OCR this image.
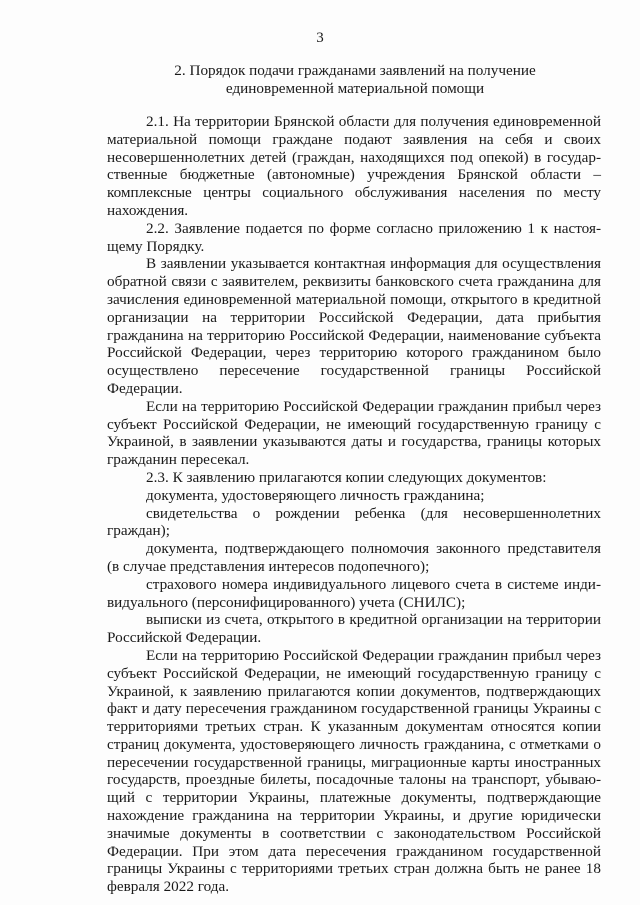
3
2. Порядок подачи гражданами заявлений на получение
единовременной материальной помощи

2.1. На территории Брянской области для получения единовременной материальной помощи граждане подают заявления на себя и своих несовершеннолетних детей (граждан, находящихся под опекой) в государственные бюджетные (автономные) учреждения Брянской области – комплексные центры социального обслуживания населения по месту нахождения.

2.2. Заявление подается по форме согласно приложению 1 к настоящему Порядку.

В заявлении указывается контактная информация для осуществления обратной связи с заявителем, реквизиты банковского счета гражданина для зачисления единовременной материальной помощи, открытого в кредитной организации на территории Российской Федерации, дата прибытия гражданина на территорию Российской Федерации, наименование субъекта Российской Федерации, через территорию которого гражданином было осуществлено пересечение государственной границы Российской Федерации.

Если на территорию Российской Федерации гражданин прибыл через субъект Российской Федерации, не имеющий государственную границу с Украиной, в заявлении указываются даты и государства, границы которых гражданин пересекал.

2.3. К заявлению прилагаются копии следующих документов:

документа, удостоверяющего личность гражданина;

свидетельства о рождении ребенка (для несовершеннолетних граждан);

документа, подтверждающего полномочия законного представителя (в случае представления интересов подопечного);

страхового номера индивидуального лицевого счета в системе индивидуального (персонифицированного) учета (СНИЛС);

выписки из счета, открытого в кредитной организации на территории Российской Федерации.

Если на территорию Российской Федерации гражданин прибыл через субъект Российской Федерации, не имеющий государственную границу с Украиной, к заявлению прилагаются копии документов, подтверждающих факт и дату пересечения гражданином государственной границы Украины с территориями третьих стран. К указанным документам относятся копии страниц документа, удостоверяющего личность гражданина, с отметками о пересечении государственной границы, миграционные карты иностранных государств, проездные билеты, посадочные талоны на транспорт, убывающий с территории Украины, платежные документы, подтверждающие нахождение гражданина на территории Украины, и другие юридически значимые документы в соответствии с законодательством Российской Федерации. При этом дата пересечения гражданином государственной границы Украины с территориями третьих стран должна быть не ранее 18 февраля 2022 года.
